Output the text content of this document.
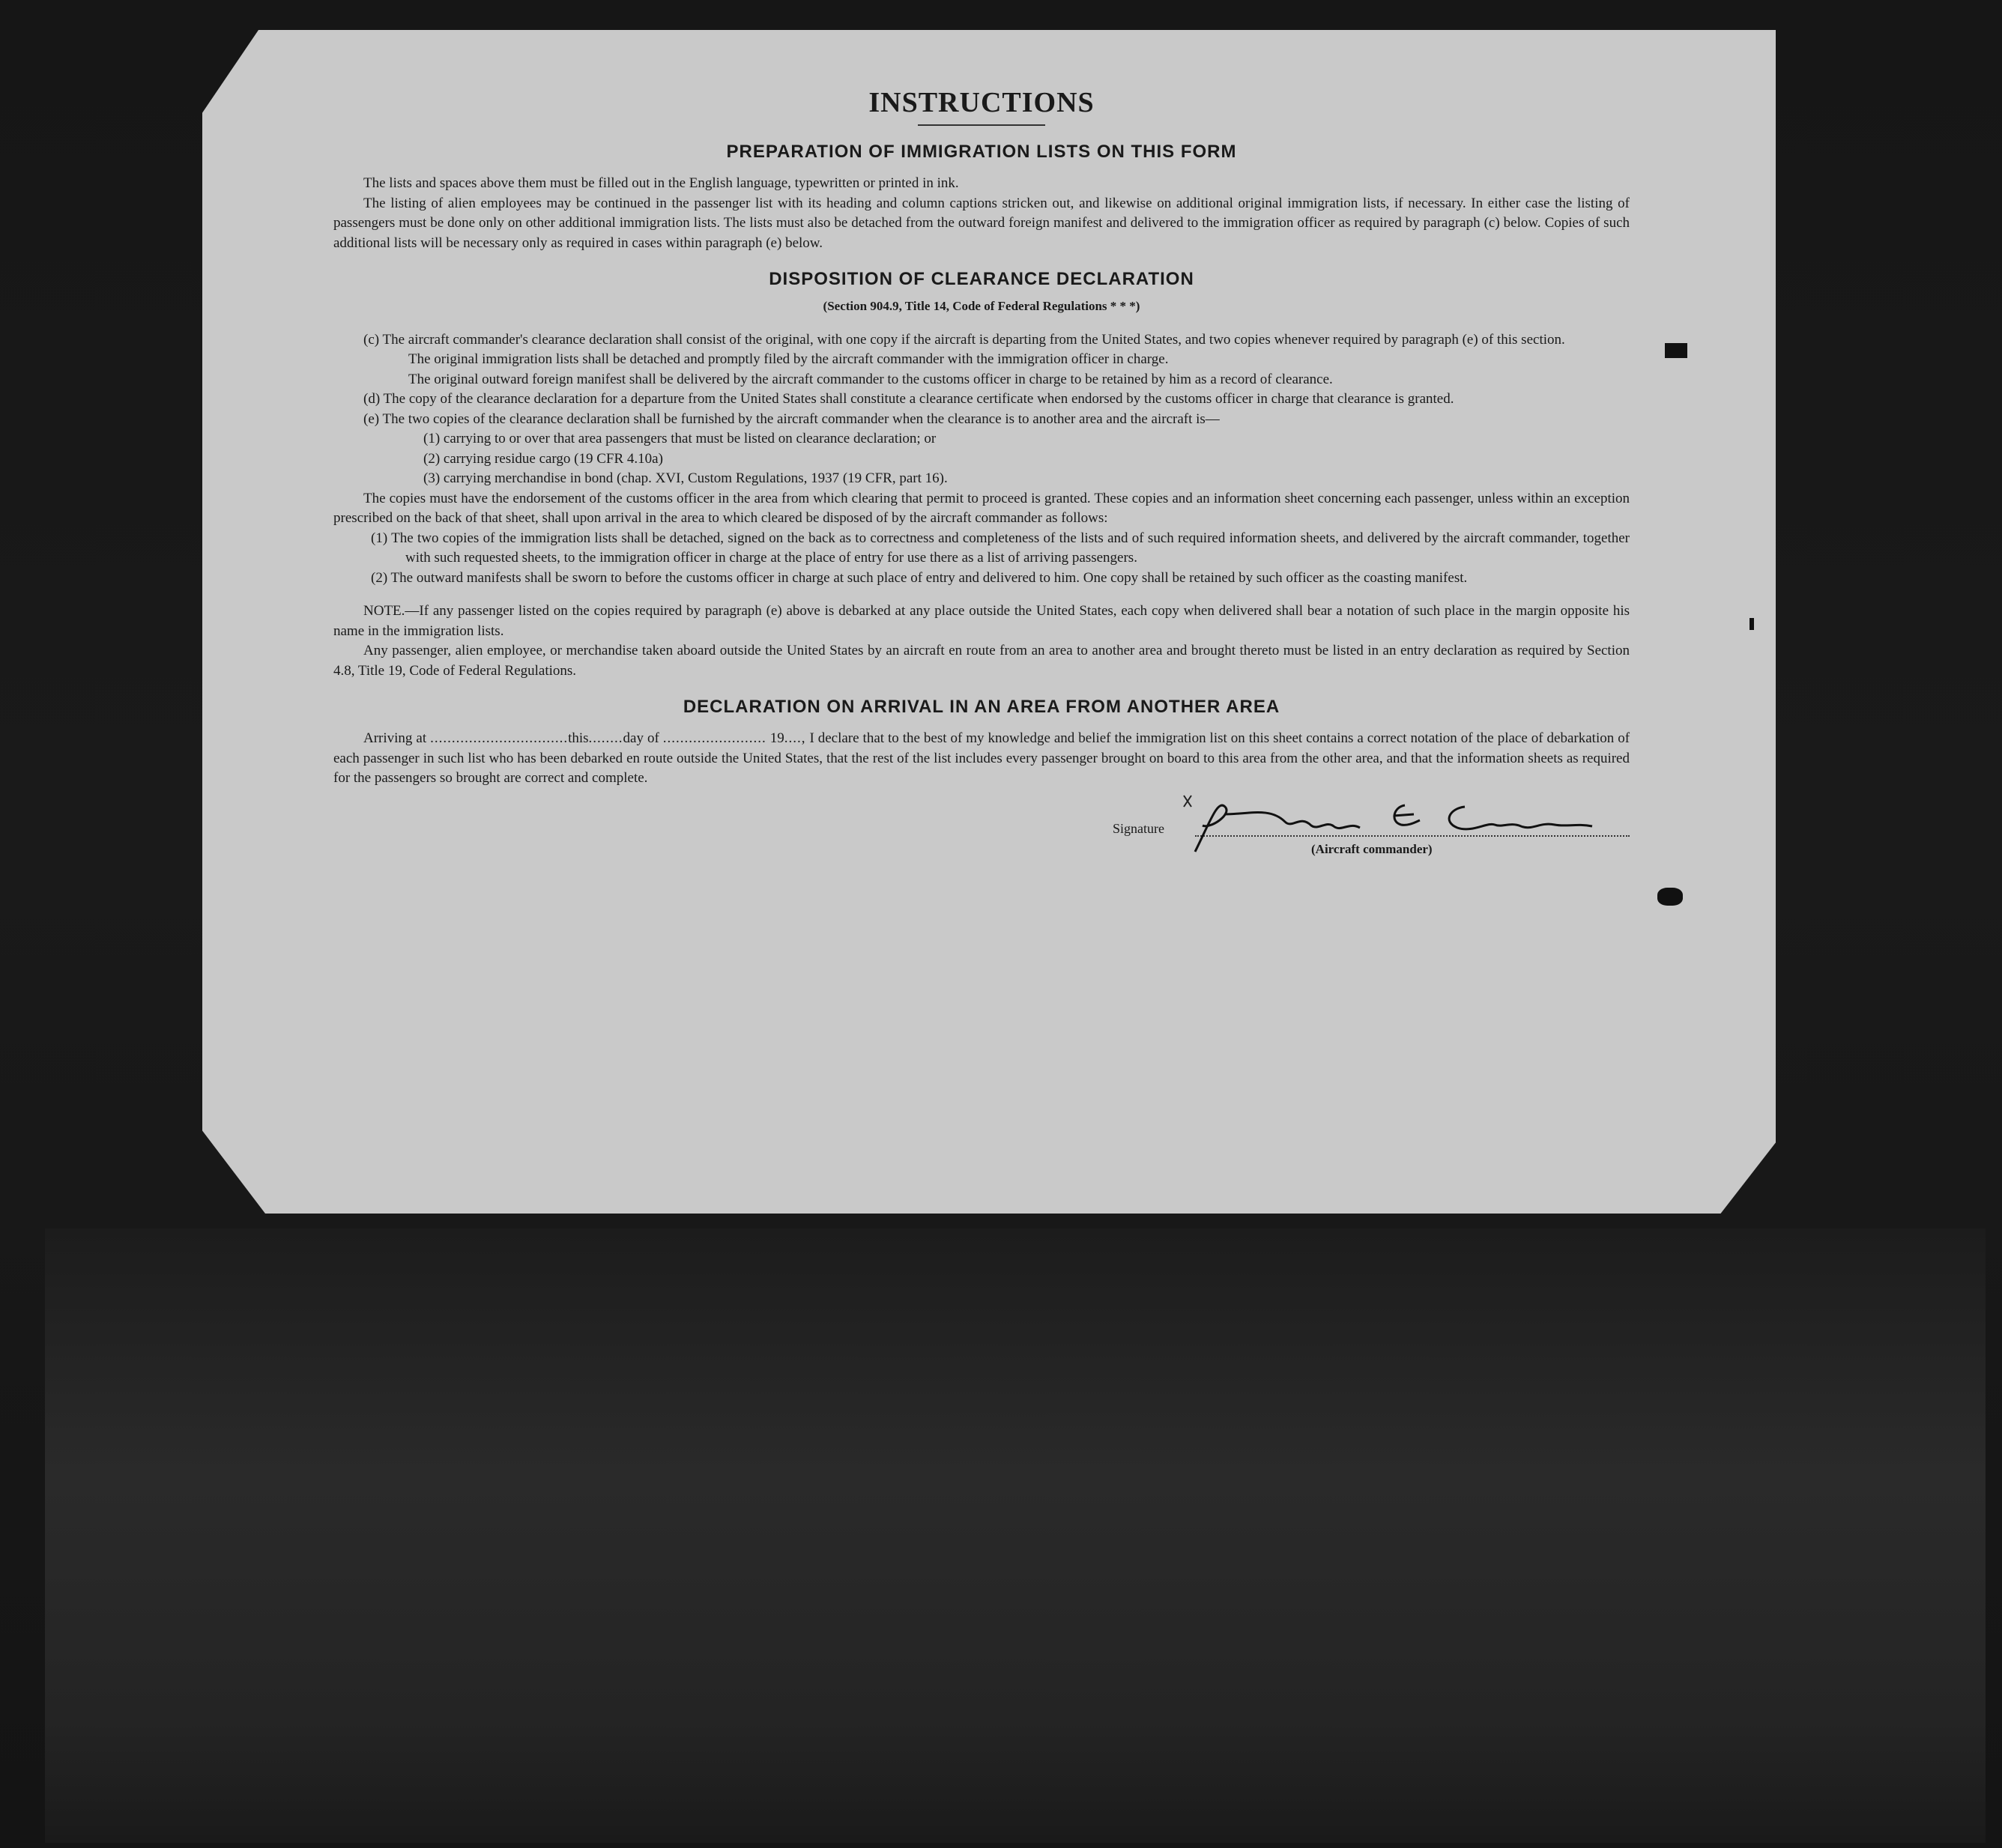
INSTRUCTIONS
PREPARATION OF IMMIGRATION LISTS ON THIS FORM

The lists and spaces above them must be filled out in the English language, typewritten or printed in ink.

The listing of alien employees may be continued in the passenger list with its heading and column captions stricken out, and likewise on additional original immigration lists, if necessary. In either case the listing of passengers must be done only on other additional immigration lists. The lists must also be detached from the outward foreign manifest and delivered to the immigration officer as required by paragraph (c) below. Copies of such additional lists will be necessary only as required in cases within paragraph (e) below.

DISPOSITION OF CLEARANCE DECLARATION
(Section 904.9, Title 14, Code of Federal Regulations * * *)

(c) The aircraft commander's clearance declaration shall consist of the original, with one copy if the aircraft is departing from the United States, and two copies whenever required by paragraph (e) of this section.

The original immigration lists shall be detached and promptly filed by the aircraft commander with the immigration officer in charge.

The original outward foreign manifest shall be delivered by the aircraft commander to the customs officer in charge to be retained by him as a record of clearance.

(d) The copy of the clearance declaration for a departure from the United States shall constitute a clearance certificate when endorsed by the customs officer in charge that clearance is granted.

(e) The two copies of the clearance declaration shall be furnished by the aircraft commander when the clearance is to another area and the aircraft is—

(1) carrying to or over that area passengers that must be listed on clearance declaration; or

(2) carrying residue cargo (19 CFR 4.10a)

(3) carrying merchandise in bond (chap. XVI, Custom Regulations, 1937 (19 CFR, part 16).

The copies must have the endorsement of the customs officer in the area from which clearing that permit to proceed is granted. These copies and an information sheet concerning each passenger, unless within an exception prescribed on the back of that sheet, shall upon arrival in the area to which cleared be disposed of by the aircraft commander as follows:

(1) The two copies of the immigration lists shall be detached, signed on the back as to correctness and completeness of the lists and of such required information sheets, and delivered by the aircraft commander, together with such requested sheets, to the immigration officer in charge at the place of entry for use there as a list of arriving passengers.

(2) The outward manifests shall be sworn to before the customs officer in charge at such place of entry and delivered to him. One copy shall be retained by such officer as the coasting manifest.

NOTE.—If any passenger listed on the copies required by paragraph (e) above is debarked at any place outside the United States, each copy when delivered shall bear a notation of such place in the margin opposite his name in the immigration lists.

Any passenger, alien employee, or merchandise taken aboard outside the United States by an aircraft en route from an area to another area and brought thereto must be listed in an entry declaration as required by Section 4.8, Title 19, Code of Federal Regulations.

DECLARATION ON ARRIVAL IN AN AREA FROM ANOTHER AREA

Arriving at ................................this........day of ........................ 19...., I declare that to the best of my knowledge and belief the immigration list on this sheet contains a correct notation of the place of debarkation of each passenger in such list who has been debarked en route outside the United States, that the rest of the list includes every passenger brought on board to this area from the other area, and that the information sheets as required for the passengers so brought are correct and complete.

Signature
(Aircraft commander)
